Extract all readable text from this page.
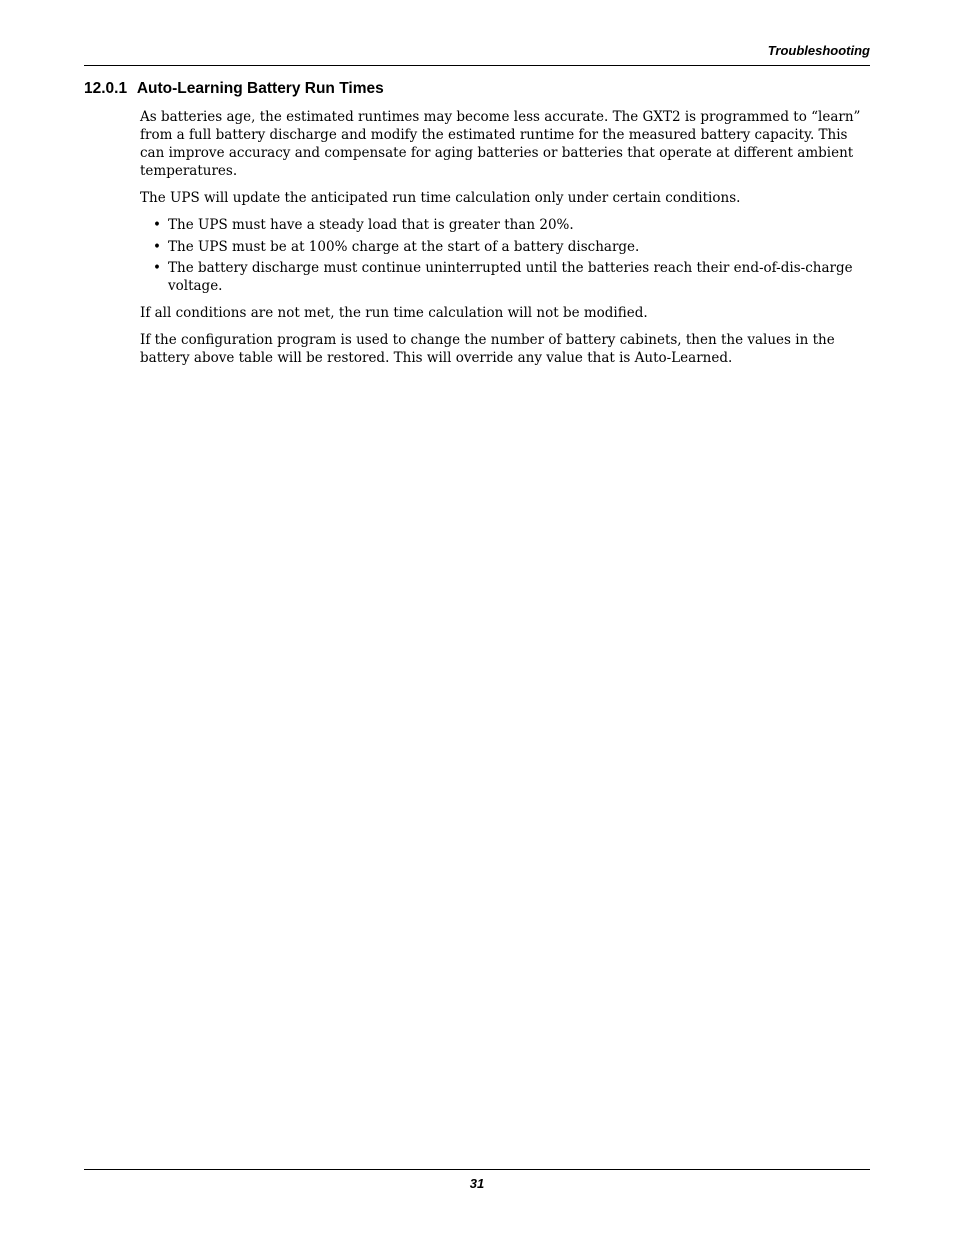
Troubleshooting
12.0.1 Auto-Learning Battery Run Times

As batteries age, the estimated runtimes may become less accurate. The GXT2 is programmed to “learn” from a full battery discharge and modify the estimated runtime for the measured battery capacity. This can improve accuracy and compensate for aging batteries or batteries that operate at different ambient temperatures.

The UPS will update the anticipated run time calculation only under certain conditions.

• The UPS must have a steady load that is greater than 20%.
• The UPS must be at 100% charge at the start of a battery discharge.
• The battery discharge must continue uninterrupted until the batteries reach their end-of-dis-charge voltage.

If all conditions are not met, the run time calculation will not be modified.

If the configuration program is used to change the number of battery cabinets, then the values in the battery above table will be restored. This will override any value that is Auto-Learned.

31
